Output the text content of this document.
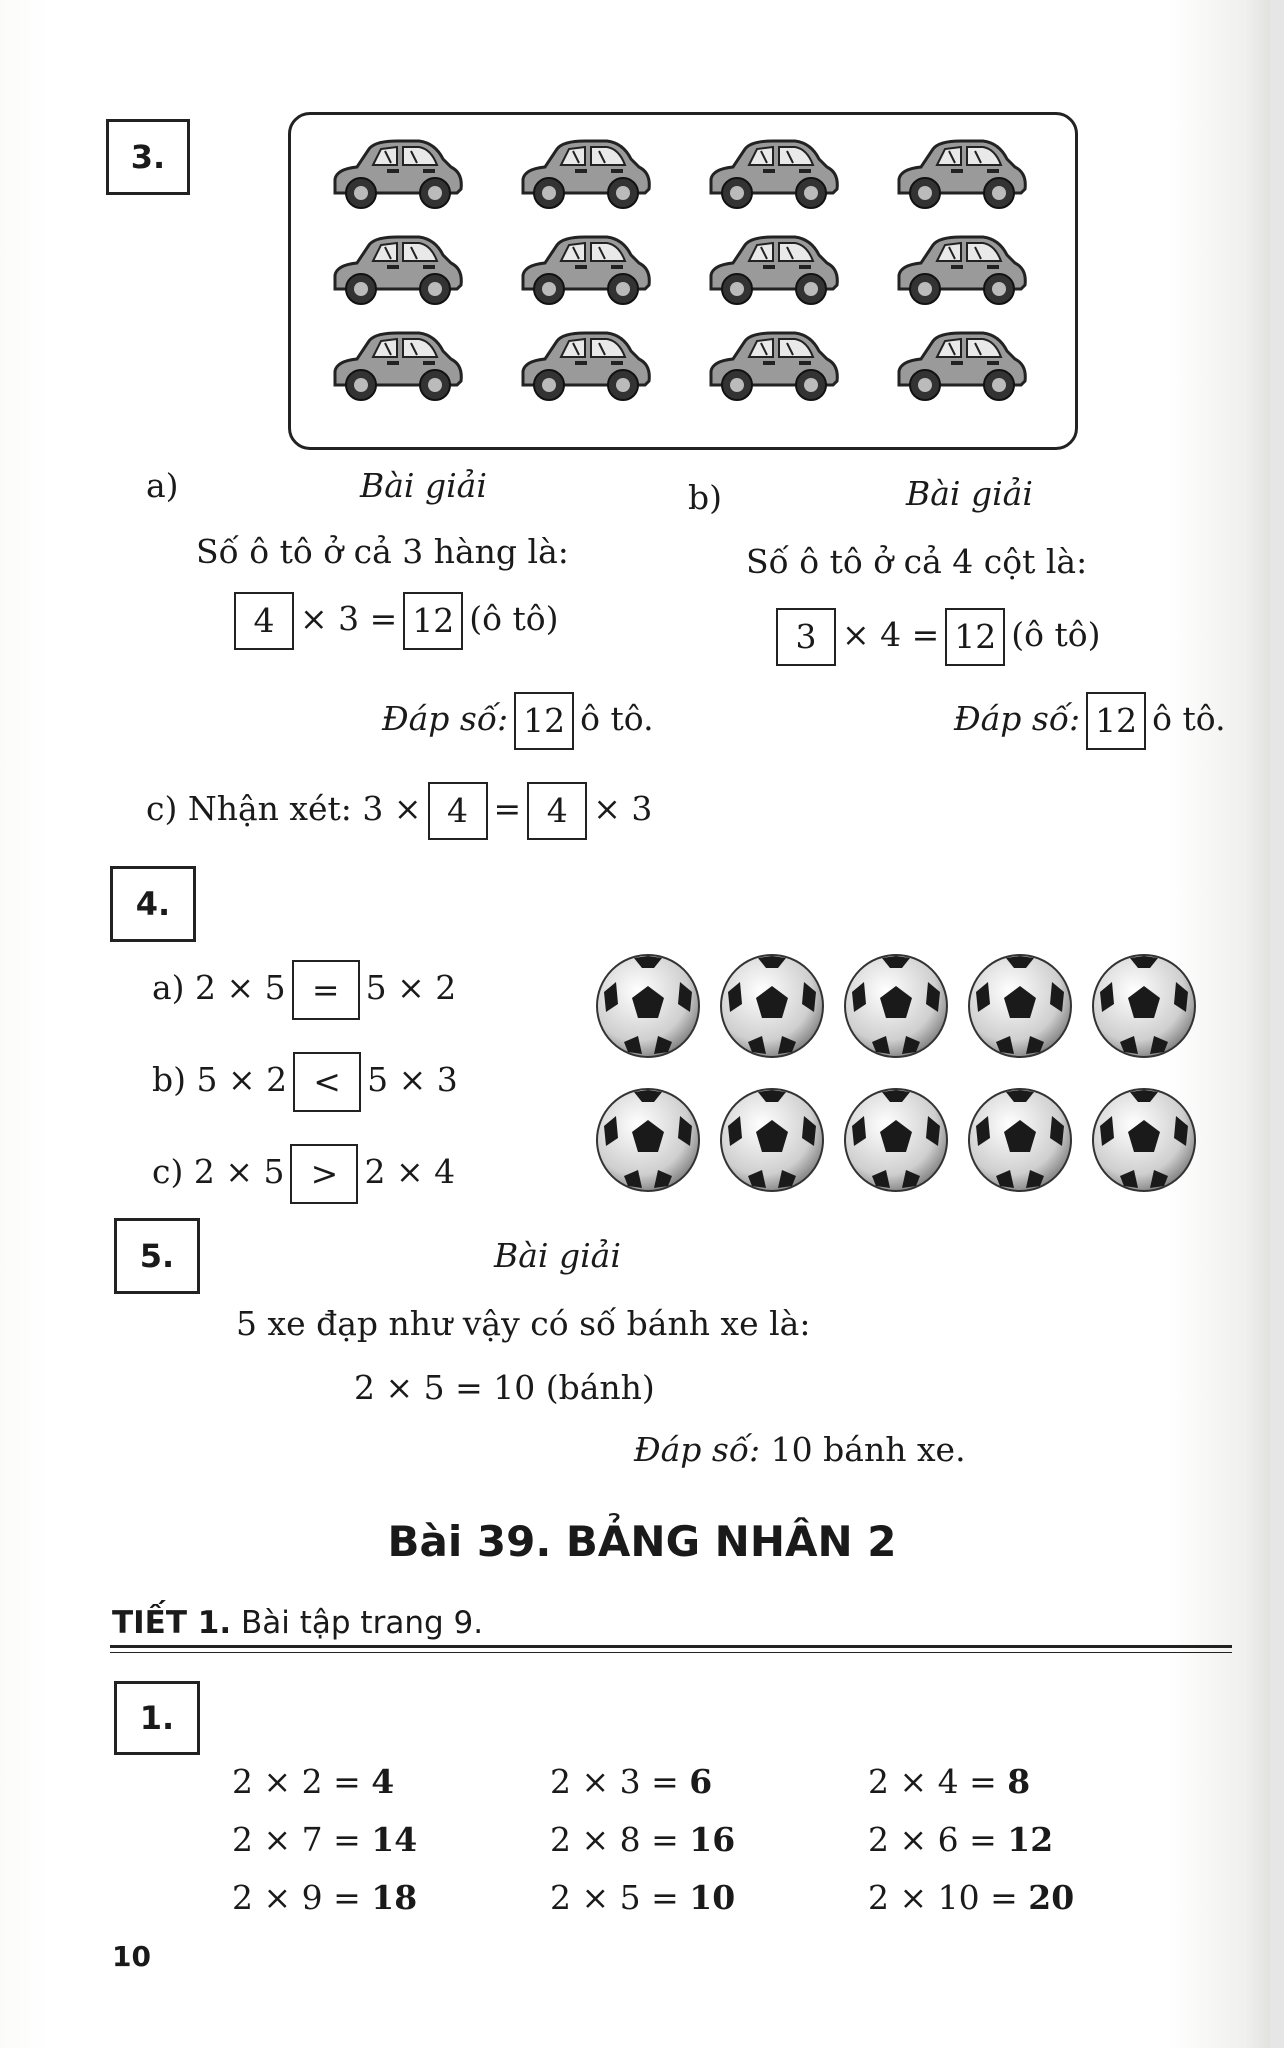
3.
a)	Bài giải	b)	Bài giải
Số ô tô ở cả 3 hàng là:	Số ô tô ở cả 4 cột là:
4 × 3 = 12 (ô tô)	3 × 4 = 12 (ô tô)
Đáp số: 12 ô tô.	Đáp số: 12 ô tô.
c) Nhận xét: 3 × 4 = 4 × 3
4.
a) 2 × 5 = 5 × 2
b) 5 × 2 < 5 × 3
c) 2 × 5 > 2 × 4
5.	Bài giải
5 xe đạp như vậy có số bánh xe là:
2 × 5 = 10 (bánh)
Đáp số: 10 bánh xe.
Bài 39. BẢNG NHÂN 2
TIẾT 1. Bài tập trang 9.
1.
2 × 2 = 4	2 × 3 = 6	2 × 4 = 8
2 × 7 = 14	2 × 8 = 16	2 × 6 = 12
2 × 9 = 18	2 × 5 = 10	2 × 10 = 20
10
